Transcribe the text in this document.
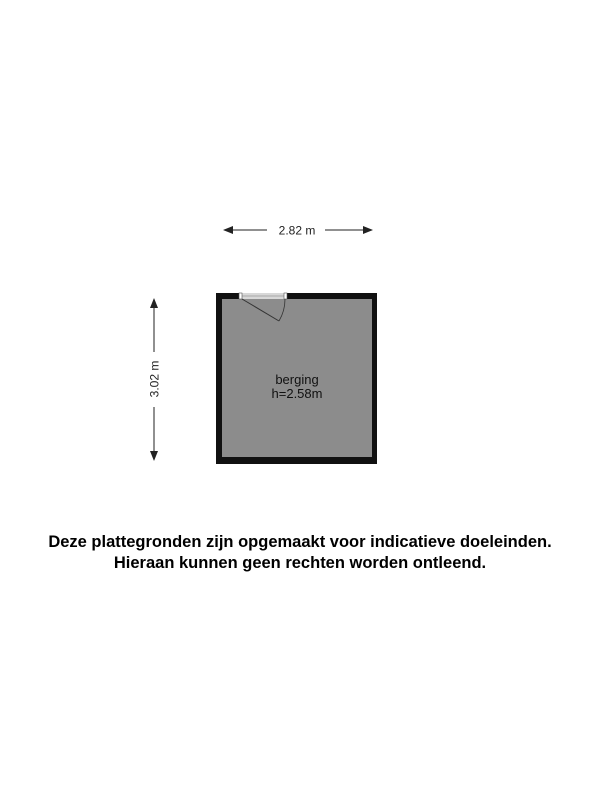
2.82 m
3.02 m	berging
h=2.58m
Deze plattegronden zijn opgemaakt voor indicatieve doeleinden.
Hieraan kunnen geen rechten worden ontleend.
